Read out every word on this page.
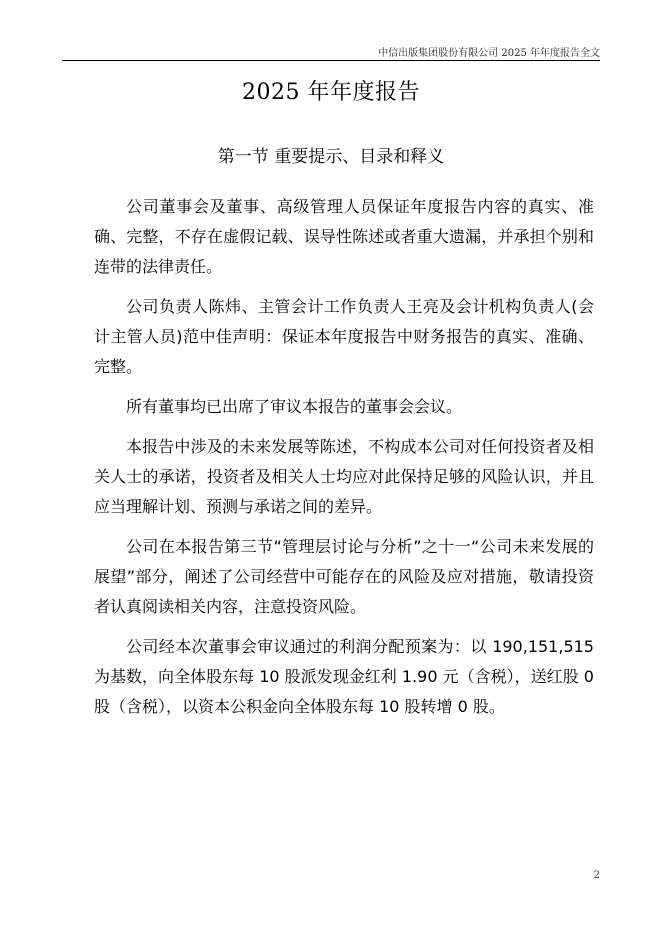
中信出版集团股份有限公司 2025 年年度报告全文
2025 年年度报告
第一节 重要提示、目录和释义

公司董事会及董事、高级管理人员保证年度报告内容的真实、准确、完整，不存在虚假记载、误导性陈述或者重大遗漏，并承担个别和连带的法律责任。

公司负责人陈炜、主管会计工作负责人王亮及会计机构负责人(会计主管人员)范中佳声明：保证本年度报告中财务报告的真实、准确、完整。

所有董事均已出席了审议本报告的董事会会议。

本报告中涉及的未来发展等陈述，不构成本公司对任何投资者及相关人士的承诺，投资者及相关人士均应对此保持足够的风险认识，并且应当理解计划、预测与承诺之间的差异。

公司在本报告第三节“管理层讨论与分析”之十一“公司未来发展的展望”部分，阐述了公司经营中可能存在的风险及应对措施，敬请投资者认真阅读相关内容，注意投资风险。

公司经本次董事会审议通过的利润分配预案为：以 190,151,515 为基数，向全体股东每 10 股派发现金红利 1.90 元（含税），送红股 0 股（含税），以资本公积金向全体股东每 10 股转增 0 股。

2
